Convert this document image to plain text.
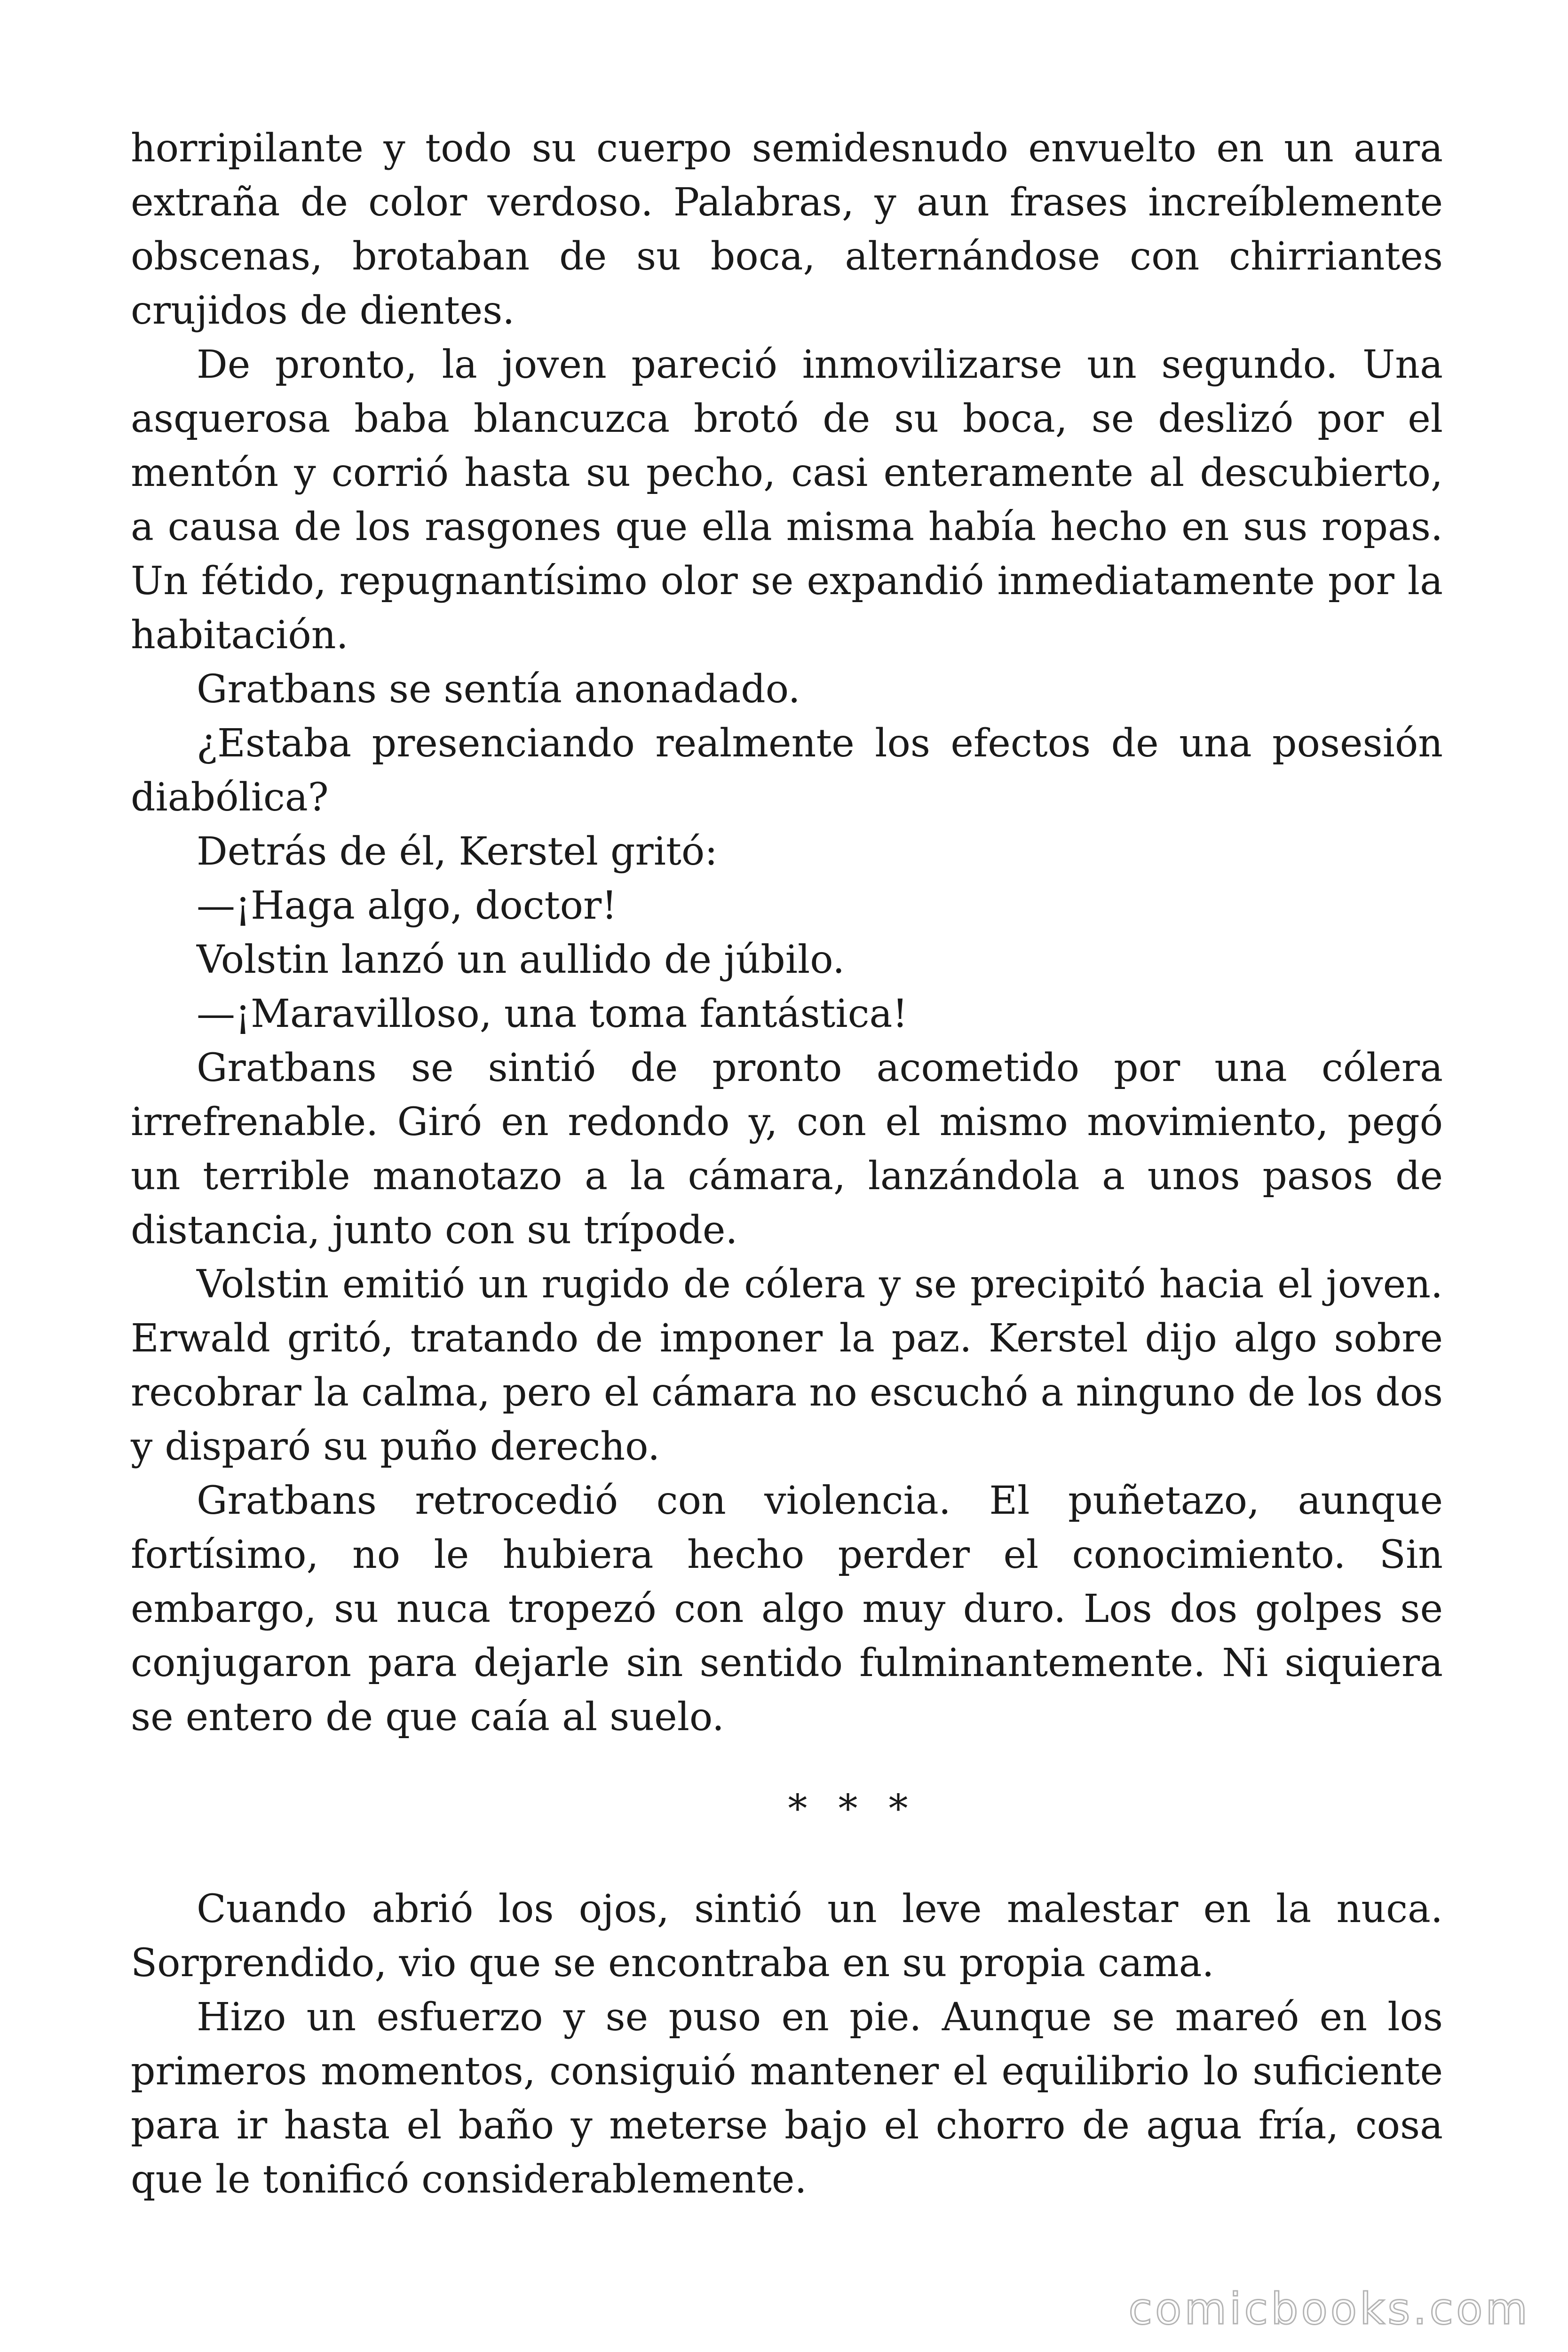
horripilante y todo su cuerpo semidesnudo envuelto en un aura extraña de color verdoso. Palabras, y aun frases increíblemente obscenas, brotaban de su boca, alternándose con chirriantes crujidos de dientes.

De pronto, la joven pareció inmovilizarse un segundo. Una asquerosa baba blancuzca brotó de su boca, se deslizó por el mentón y corrió hasta su pecho, casi enteramente al descubierto, a causa de los rasgones que ella misma había hecho en sus ropas. Un fétido, repugnantísimo olor se expandió inmediatamente por la habitación.

Gratbans se sentía anonadado.

¿Estaba presenciando realmente los efectos de una posesión diabólica?

Detrás de él, Kerstel gritó:

—¡Haga algo, doctor!

Volstin lanzó un aullido de júbilo.

—¡Maravilloso, una toma fantástica!

Gratbans se sintió de pronto acometido por una cólera irrefrenable. Giró en redondo y, con el mismo movimiento, pegó un terrible manotazo a la cámara, lanzándola a unos pasos de distancia, junto con su trípode.

Volstin emitió un rugido de cólera y se precipitó hacia el joven. Erwald gritó, tratando de imponer la paz. Kerstel dijo algo sobre recobrar la calma, pero el cámara no escuchó a ninguno de los dos y disparó su puño derecho.

Gratbans retrocedió con violencia. El puñetazo, aunque fortísimo, no le hubiera hecho perder el conocimiento. Sin embargo, su nuca tropezó con algo muy duro. Los dos golpes se conjugaron para dejarle sin sentido fulminantemente. Ni siquiera se entero de que caía al suelo.

* * *

Cuando abrió los ojos, sintió un leve malestar en la nuca. Sorprendido, vio que se encontraba en su propia cama.

Hizo un esfuerzo y se puso en pie. Aunque se mareó en los primeros momentos, consiguió mantener el equilibrio lo suficiente para ir hasta el baño y meterse bajo el chorro de agua fría, cosa que le tonificó considerablemente.

comicbooks.com
